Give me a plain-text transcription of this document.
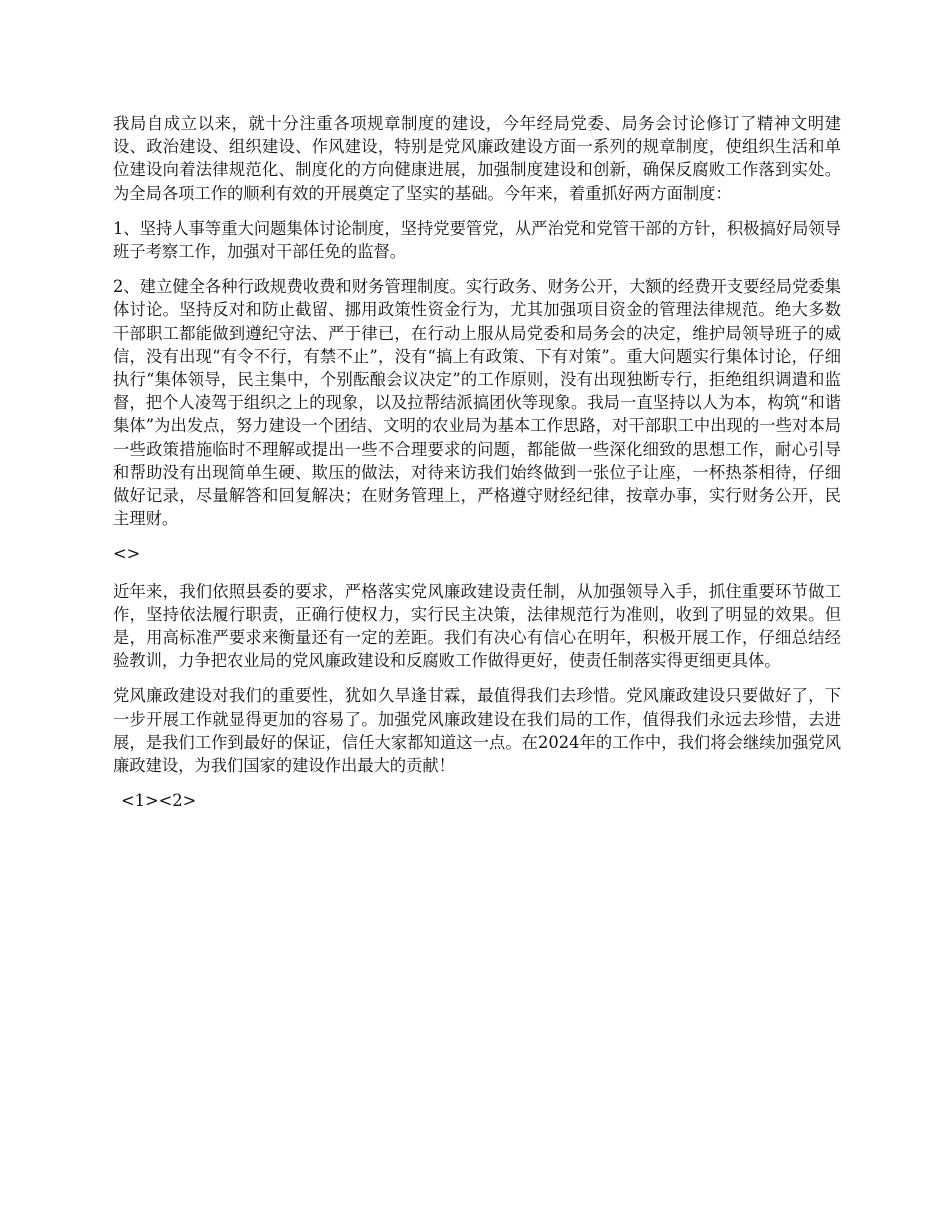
我局自成立以来，就十分注重各项规章制度的建设，今年经局党委、局务会讨论修订了精神文明建设、政治建设、组织建设、作风建设，特别是党风廉政建设方面一系列的规章制度，使组织生活和单位建设向着法律规范化、制度化的方向健康进展，加强制度建设和创新，确保反腐败工作落到实处。为全局各项工作的顺利有效的开展奠定了坚实的基础。今年来，着重抓好两方面制度：

1、坚持人事等重大问题集体讨论制度，坚持党要管党，从严治党和党管干部的方针，积极搞好局领导班子考察工作，加强对干部任免的监督。

2、建立健全各种行政规费收费和财务管理制度。实行政务、财务公开，大额的经费开支要经局党委集体讨论。坚持反对和防止截留、挪用政策性资金行为，尤其加强项目资金的管理法律规范。绝大多数干部职工都能做到遵纪守法、严于律已，在行动上服从局党委和局务会的决定，维护局领导班子的威信，没有出现“有令不行，有禁不止”，没有“搞上有政策、下有对策”。重大问题实行集体讨论，仔细执行“集体领导，民主集中，个别酝酿会议决定”的工作原则，没有出现独断专行，拒绝组织调遣和监督，把个人凌驾于组织之上的现象，以及拉帮结派搞团伙等现象。我局一直坚持以人为本，构筑“和谐集体”为出发点，努力建设一个团结、文明的农业局为基本工作思路，对干部职工中出现的一些对本局一些政策措施临时不理解或提出一些不合理要求的问题，都能做一些深化细致的思想工作，耐心引导和帮助没有出现简单生硬、欺压的做法，对待来访我们始终做到一张位子让座，一杯热茶相待，仔细做好记录，尽量解答和回复解决；在财务管理上，严格遵守财经纪律，按章办事，实行财务公开，民主理财。

<>

近年来，我们依照县委的要求，严格落实党风廉政建设责任制，从加强领导入手，抓住重要环节做工作，坚持依法履行职责，正确行使权力，实行民主决策，法律规范行为准则，收到了明显的效果。但是，用高标准严要求来衡量还有一定的差距。我们有决心有信心在明年，积极开展工作，仔细总结经验教训，力争把农业局的党风廉政建设和反腐败工作做得更好，使责任制落实得更细更具体。

党风廉政建设对我们的重要性，犹如久旱逢甘霖，最值得我们去珍惜。党风廉政建设只要做好了，下一步开展工作就显得更加的容易了。加强党风廉政建设在我们局的工作，值得我们永远去珍惜，去进展，是我们工作到最好的保证，信任大家都知道这一点。在2024年的工作中，我们将会继续加强党风廉政建设，为我们国家的建设作出最大的贡献！

<1><2>
